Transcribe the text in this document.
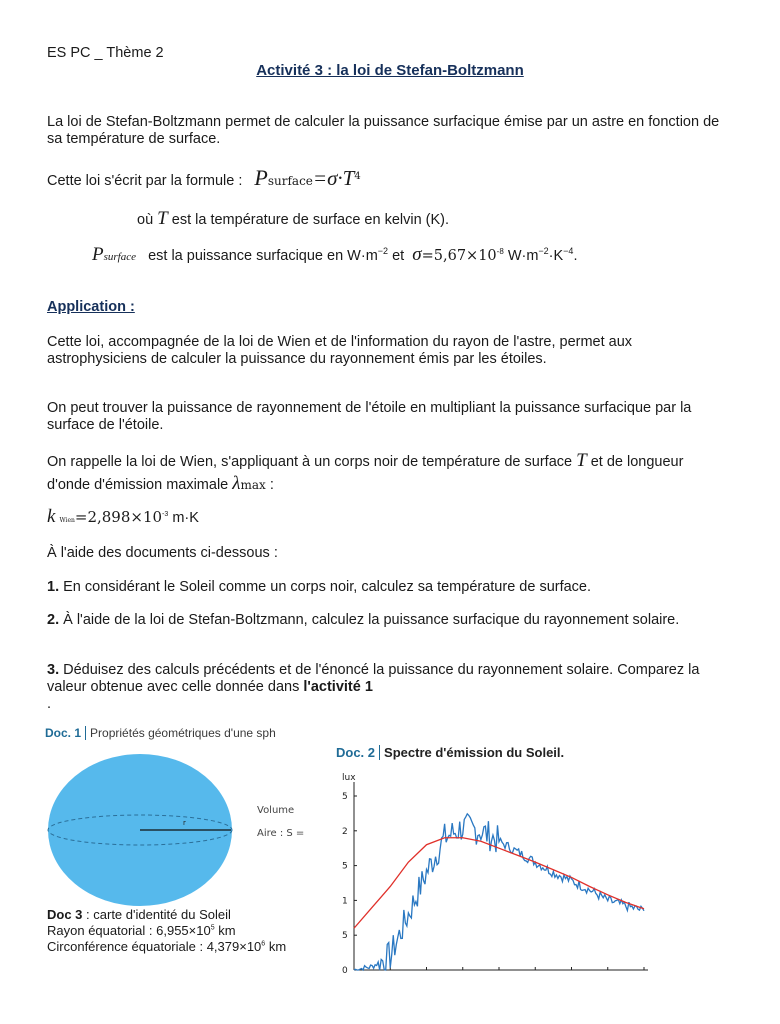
ES PC _ Thème 2
Activité 3 : la loi de Stefan-Boltzmann
La loi de Stefan-Boltzmann permet de calculer la puissance surfacique émise par un astre en fonction de sa température de surface.
Cette loi s'écrit par la formule : $Psurface=\sigma\cdot T^4$
où T est la température de surface en kelvin (K).
Psurface est la puissance surfacique en $W\cdot m^{-2}$ et $\sigma=5,67\times 10^{-8}$ $W\cdot m^{-2}\cdot K^{-4}$.
Application :
Cette loi, accompagnée de la loi de Wien et de l'information du rayon de l'astre, permet aux astrophysiciens de calculer la puissance du rayonnement émis par les étoiles.
On peut trouver la puissance de rayonnement de l'étoile en multipliant la puissance surfacique par la surface de l'étoile.
On rappelle la loi de Wien, s'appliquant à un corps noir de température de surface T et de longueur d'onde d'émission maximale λmax :
k $Wien=2,898\times 10^{-3}$ m·K
À l'aide des documents ci-dessous :
1. En considérant le Soleil comme un corps noir, calculez sa température de surface.
2. À l'aide de la loi de Stefan-Boltzmann, calculez la puissance surfacique du rayonnement solaire.
3. Déduisez des calculs précédents et de l'énoncé la puissance du rayonnement solaire. Comparez la valeur obtenue avec celle donnée dans l'activité 1
.
Doc. 1 Propriétés géométriques d'une sph
r
Volume
Aire : S =
Doc 3 : carte d'identité du Soleil
Rayon équatorial : $6,955\times 10^5$ km
Circonférence équatoriale : $4,379\times 10^6$ km
Doc. 2 Spectre d'émission du Soleil.
lux
0
5
1
5
2
5
